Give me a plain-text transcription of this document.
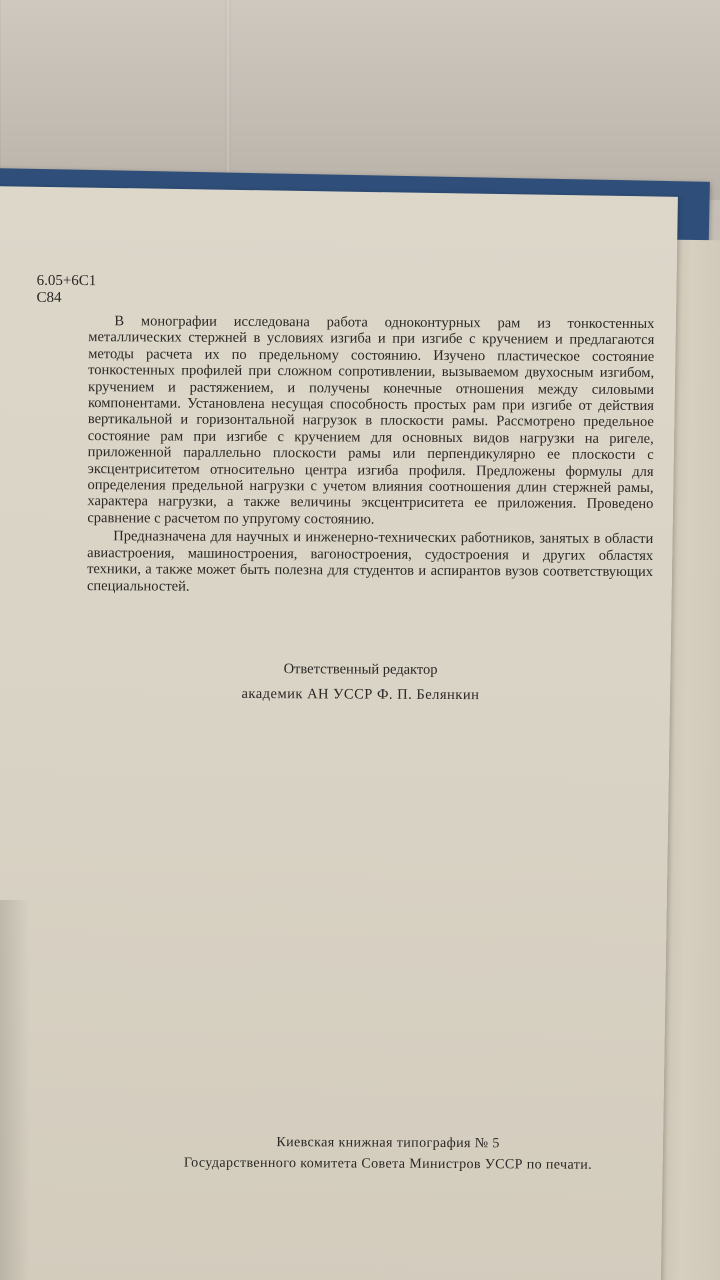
6.05+6С1
С84

В монографии исследована работа одноконтурных рам из тонкостенных металлических стержней в условиях изгиба и при изгибе с кручением и предлагаются методы расчета их по предельному состоянию. Изучено пластическое состояние тонкостенных профилей при сложном сопротивлении, вызываемом двухосным изгибом, кручением и растяжением, и получены конечные отношения между силовыми компонентами. Установлена несущая способность простых рам при изгибе от действия вертикальной и горизонтальной нагрузок в плоскости рамы. Рассмотрено предельное состояние рам при изгибе с кручением для основных видов нагрузки на ригеле, приложенной параллельно плоскости рамы или перпендикулярно ее плоскости с эксцентриситетом относительно центра изгиба профиля. Предложены формулы для определения предельной нагрузки с учетом влияния соотношения длин стержней рамы, характера нагрузки, а также величины эксцентриситета ее приложения. Проведено сравнение с расчетом по упругому состоянию.

Предназначена для научных и инженерно-технических работников, занятых в области авиастроения, машиностроения, вагоностроения, судостроения и других областях техники, а также может быть полезна для студентов и аспирантов вузов соответствующих специальностей.

Ответственный редактор
академик АН УССР Ф. П. Белянкин
Киевская книжная типография № 5
Государственного комитета Совета Министров УССР по печати.
